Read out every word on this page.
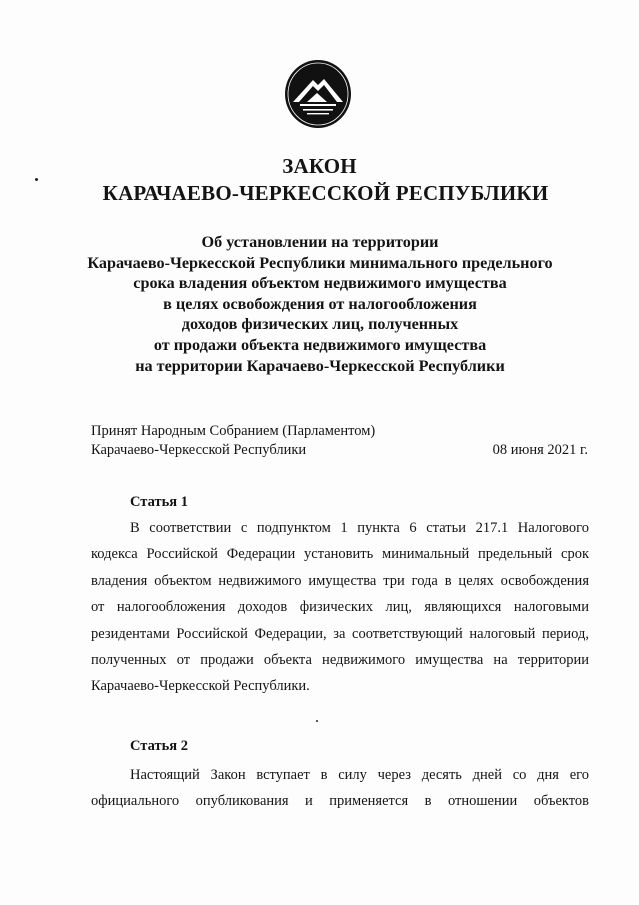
ЗАКОН
КАРАЧАЕВО-ЧЕРКЕССКОЙ РЕСПУБЛИКИ
Об установлении на территории
Карачаево-Черкесской Республики минимального предельного
срока владения объектом недвижимого имущества
в целях освобождения от налогообложения
доходов физических лиц, полученных
от продажи объекта недвижимого имущества
на территории Карачаево-Черкесской Республики
Принят Народным Собранием (Парламентом)
Карачаево-Черкесской Республики	08 июня 2021 г.
Статья 1
В соответствии с подпунктом 1 пункта 6 статьи 217.1 Налогового
кодекса Российской Федерации установить минимальный предельный срок
владения объектом недвижимого имущества три года в целях освобождения
от налогообложения доходов физических лиц, являющихся налоговыми
резидентами Российской Федерации, за соответствующий налоговый период,
полученных от продажи объекта недвижимого имущества на территории
Карачаево-Черкесской Республики.
Статья 2
Настоящий Закон вступает в силу через десять дней со дня его
официального опубликования и применяется в отношении объектов
